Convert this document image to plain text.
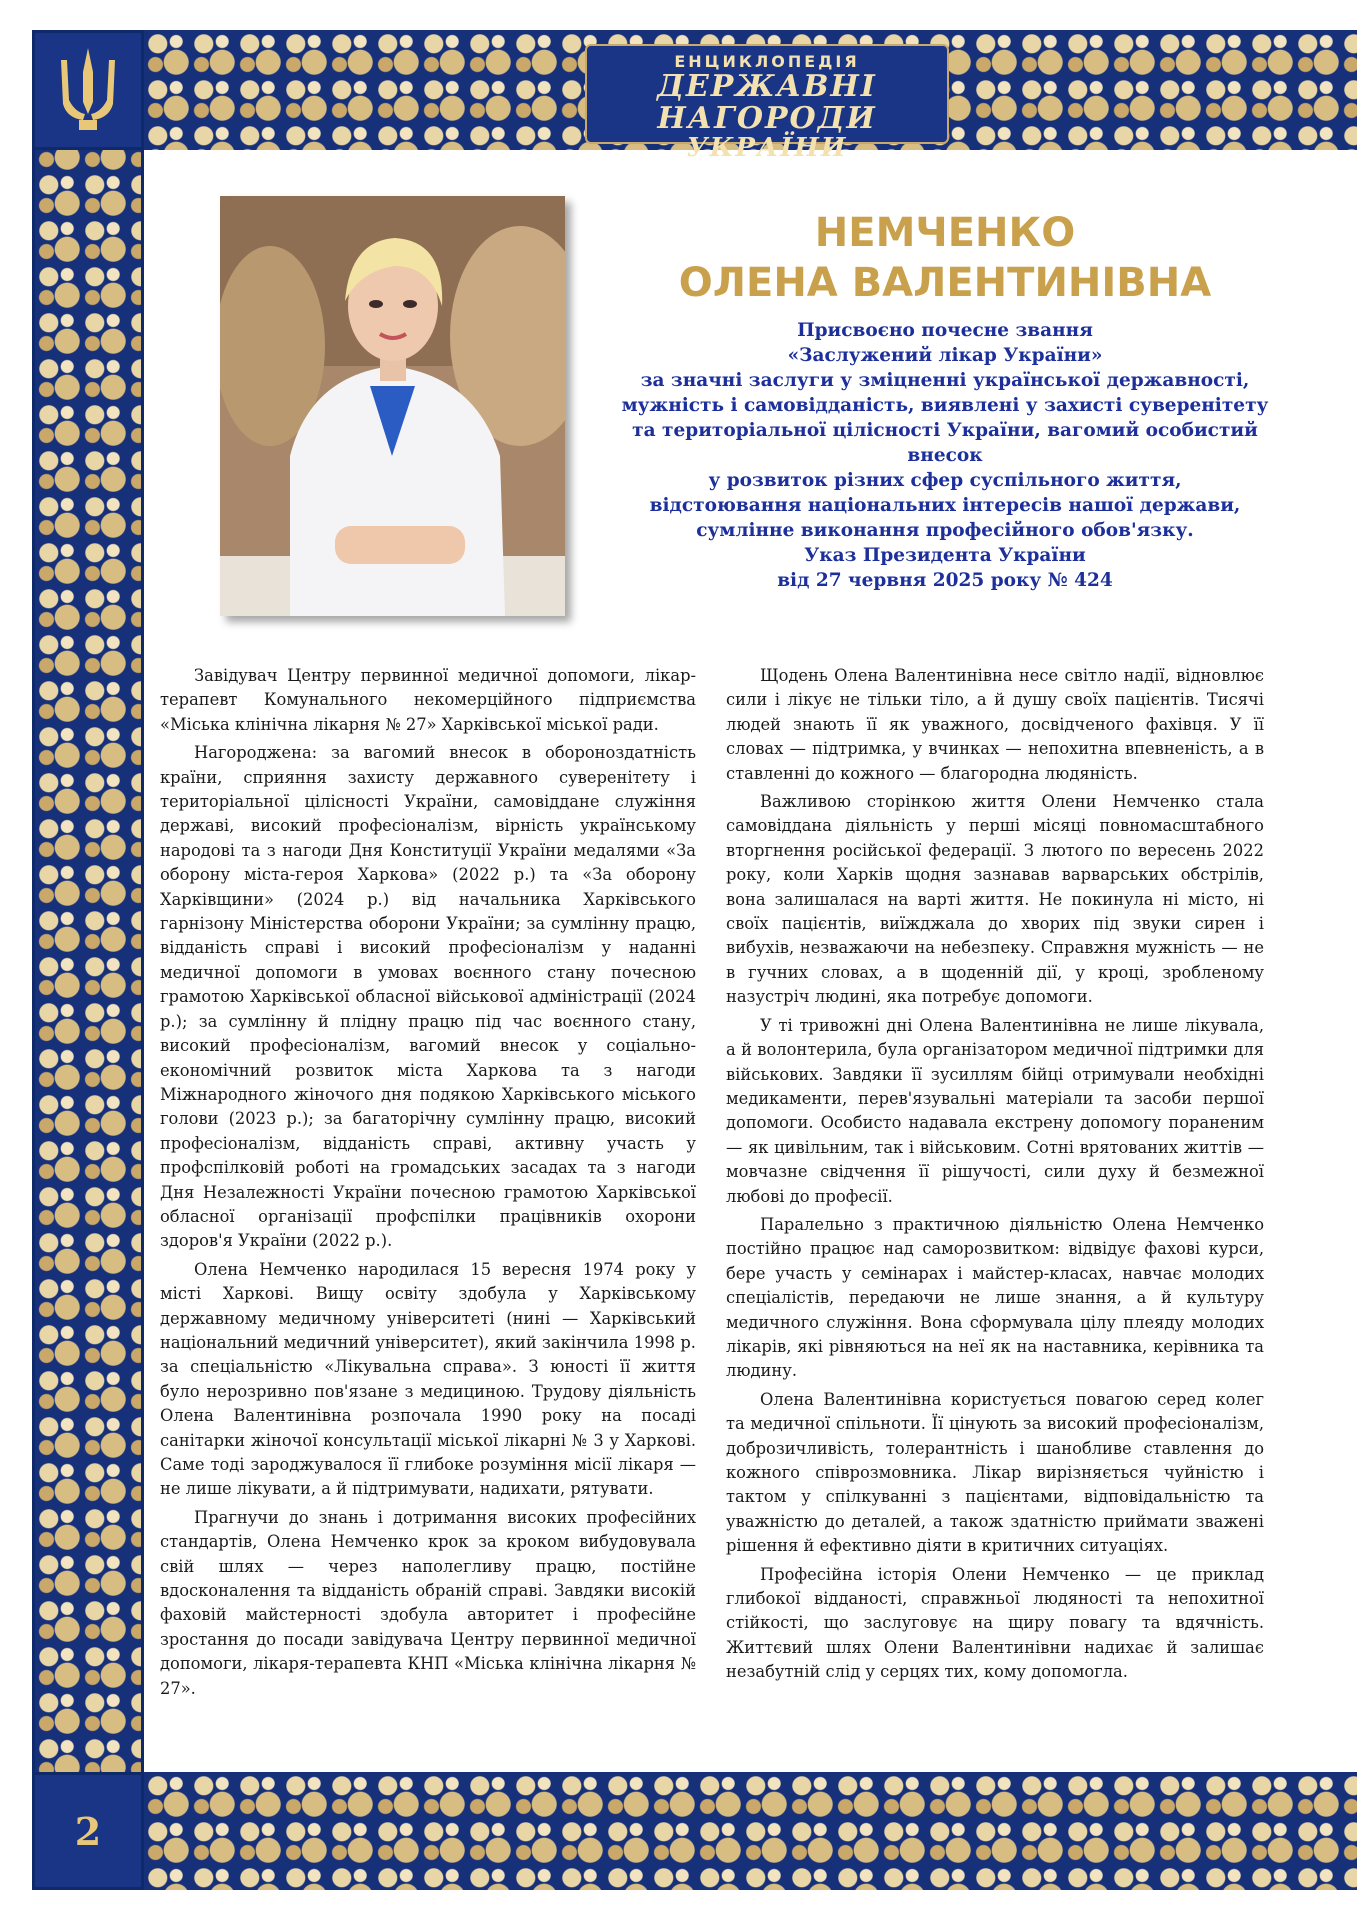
ЕНЦИКЛОПЕДІЯ
ДЕРЖАВНІ НАГОРОДИ
УКРАЇНИ
2
НЕМЧЕНКО
ОЛЕНА ВАЛЕНТИНІВНА
Присвоєно почесне звання
«Заслужений лікар України»
за значні заслуги у зміцненні української державності,
мужність і самовідданість, виявлені у захисті суверенітету
та територіальної цілісності України, вагомий особистий внесок
у розвиток різних сфер суспільного життя,
відстоювання національних інтересів нашої держави,
сумлінне виконання професійного обов'язку.
Указ Президента України
від 27 червня 2025 року № 424

Завідувач Центру первинної медичної допомоги, лікар-терапевт Комунального некомерційного підприємства «Міська клінічна лікарня № 27» Харківської міської ради.

Нагороджена: за вагомий внесок в обороноздатність країни, сприяння захисту державного суверенітету і територіальної цілісності України, самовіддане служіння державі, високий професіоналізм, вірність українському народові та з нагоди Дня Конституції України медалями «За оборону міста-героя Харкова» (2022 р.) та «За оборону Харківщини» (2024 р.) від начальника Харківського гарнізону Міністерства оборони України; за сумлінну працю, відданість справі і високий професіоналізм у наданні медичної допомоги в умовах воєнного стану почесною грамотою Харківської обласної військової адміністрації (2024 р.); за сумлінну й плідну працю під час воєнного стану, високий професіоналізм, вагомий внесок у соціально-економічний розвиток міста Харкова та з нагоди Міжнародного жіночого дня подякою Харківського міського голови (2023 р.); за багаторічну сумлінну працю, високий професіоналізм, відданість справі, активну участь у профспілковій роботі на громадських засадах та з нагоди Дня Незалежності України почесною грамотою Харківської обласної організації профспілки працівників охорони здоров'я України (2022 р.).

Олена Немченко народилася 15 вересня 1974 року у місті Харкові. Вищу освіту здобула у Харківському державному медичному університеті (нині — Харківський національний медичний університет), який закінчила 1998 р. за спеціальністю «Лікувальна справа». З юності її життя було нерозривно пов'язане з медициною. Трудову діяльність Олена Валентинівна розпочала 1990 року на посаді санітарки жіночої консультації міської лікарні № 3 у Харкові. Саме тоді зароджувалося її глибоке розуміння місії лікаря — не лише лікувати, а й підтримувати, надихати, рятувати.

Прагнучи до знань і дотримання високих професійних стандартів, Олена Немченко крок за кроком вибудовувала свій шлях — через наполегливу працю, постійне вдосконалення та відданість обраній справі. Завдяки високій фаховій майстерності здобула авторитет і професійне зростання до посади завідувача Центру первинної медичної допомоги, лікаря-терапевта КНП «Міська клінічна лікарня № 27».

Щодень Олена Валентинівна несе світло надії, відновлює сили і лікує не тільки тіло, а й душу своїх пацієнтів. Тисячі людей знають її як уважного, досвідченого фахівця. У її словах — підтримка, у вчинках — непохитна впевненість, а в ставленні до кожного — благородна людяність.

Важливою сторінкою життя Олени Немченко стала самовіддана діяльність у перші місяці повномасштабного вторгнення російської федерації. З лютого по вересень 2022 року, коли Харків щодня зазнавав варварських обстрілів, вона залишалася на варті життя. Не покинула ні місто, ні своїх пацієнтів, виїжджала до хворих під звуки сирен і вибухів, незважаючи на небезпеку. Справжня мужність — не в гучних словах, а в щоденній дії, у кроці, зробленому назустріч людині, яка потребує допомоги.

У ті тривожні дні Олена Валентинівна не лише лікувала, а й волонтерила, була організатором медичної підтримки для військових. Завдяки її зусиллям бійці отримували необхідні медикаменти, перев'язувальні матеріали та засоби першої допомоги. Особисто надавала екстрену допомогу пораненим — як цивільним, так і військовим. Сотні врятованих життів — мовчазне свідчення її рішучості, сили духу й безмежної любові до професії.

Паралельно з практичною діяльністю Олена Немченко постійно працює над саморозвитком: відвідує фахові курси, бере участь у семінарах і майстер-класах, навчає молодих спеціалістів, передаючи не лише знання, а й культуру медичного служіння. Вона сформувала цілу плеяду молодих лікарів, які рівняються на неї як на наставника, керівника та людину.

Олена Валентинівна користується повагою серед колег та медичної спільноти. Її цінують за високий професіоналізм, доброзичливість, толерантність і шанобливе ставлення до кожного співрозмовника. Лікар вирізняється чуйністю і тактом у спілкуванні з пацієнтами, відповідальністю та уважністю до деталей, а також здатністю приймати зважені рішення й ефективно діяти в критичних ситуаціях.

Професійна історія Олени Немченко — це приклад глибокої відданості, справжньої людяності та непохитної стійкості, що заслуговує на щиру повагу та вдячність. Життєвий шлях Олени Валентинівни надихає й залишає незабутній слід у серцях тих, кому допомогла.
